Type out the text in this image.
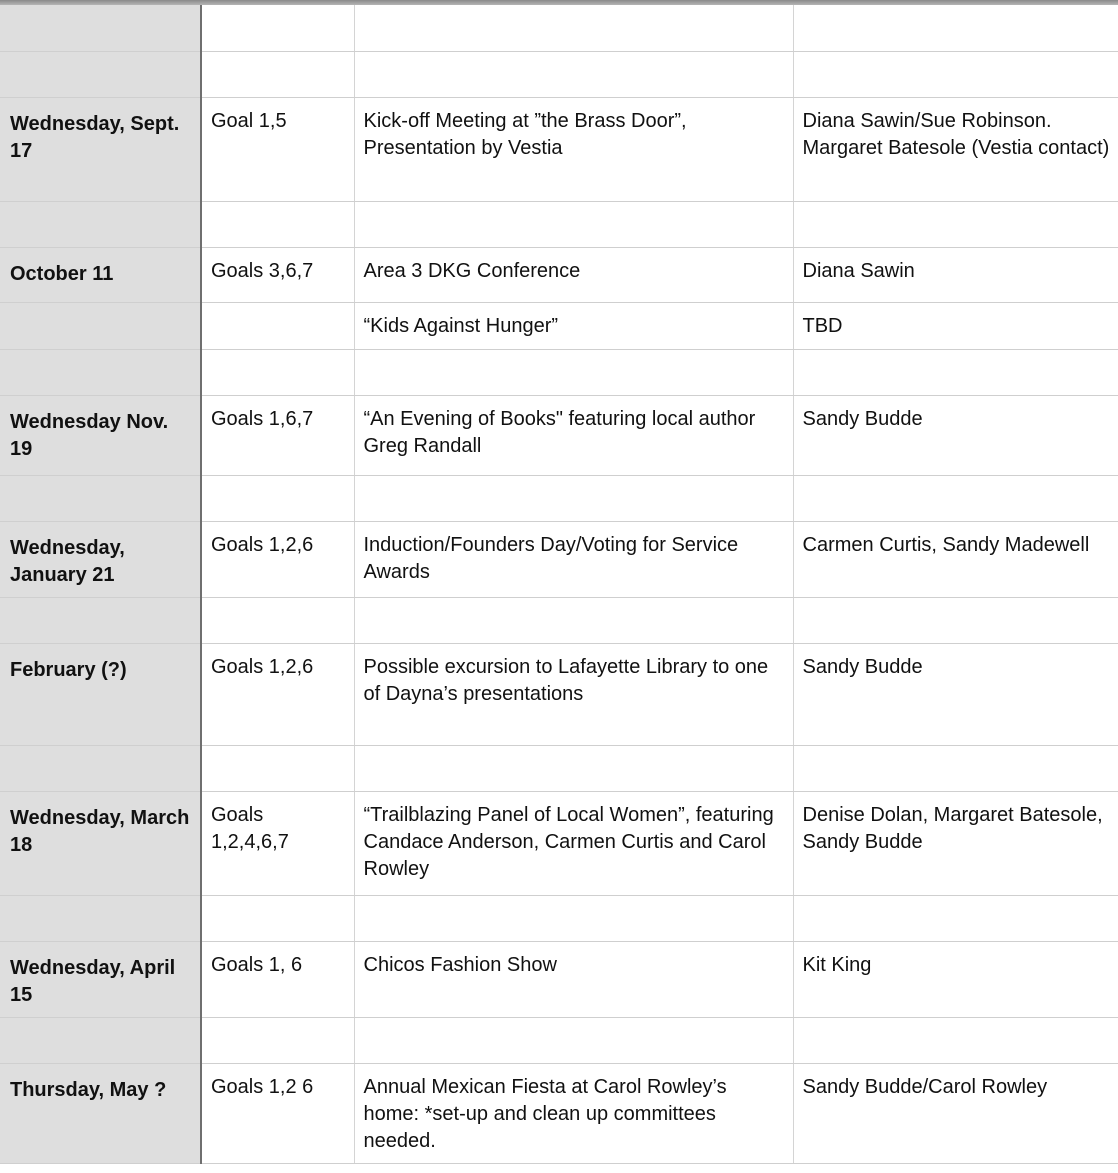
Wednesday, Sept. 17	Goal 1,5	Kick-off Meeting at ”the Brass Door”, Presentation by Vestia	Diana Sawin/Sue Robinson. Margaret Batesole (Vestia contact)

October 11	Goals 3,6,7	Area 3 DKG Conference	Diana Sawin
		“Kids Against Hunger”	TBD

Wednesday Nov. 19	Goals 1,6,7	“An Evening of Books" featuring local author Greg Randall	Sandy Budde

Wednesday, January 21	Goals 1,2,6	Induction/Founders Day/Voting for Service Awards	Carmen Curtis, Sandy Madewell

February (?)	Goals 1,2,6	Possible excursion to Lafayette Library to one of Dayna’s presentations	Sandy Budde

Wednesday, March 18	Goals 1,2,4,6,7	“Trailblazing Panel of Local Women”, featuring Candace Anderson, Carmen Curtis and Carol Rowley	Denise Dolan, Margaret Batesole, Sandy Budde

Wednesday, April 15	Goals 1, 6	Chicos Fashion Show	Kit King

Thursday, May ?	Goals 1,2 6	Annual Mexican Fiesta at Carol Rowley’s home: *set-up and clean up committees needed.	Sandy Budde/Carol Rowley
